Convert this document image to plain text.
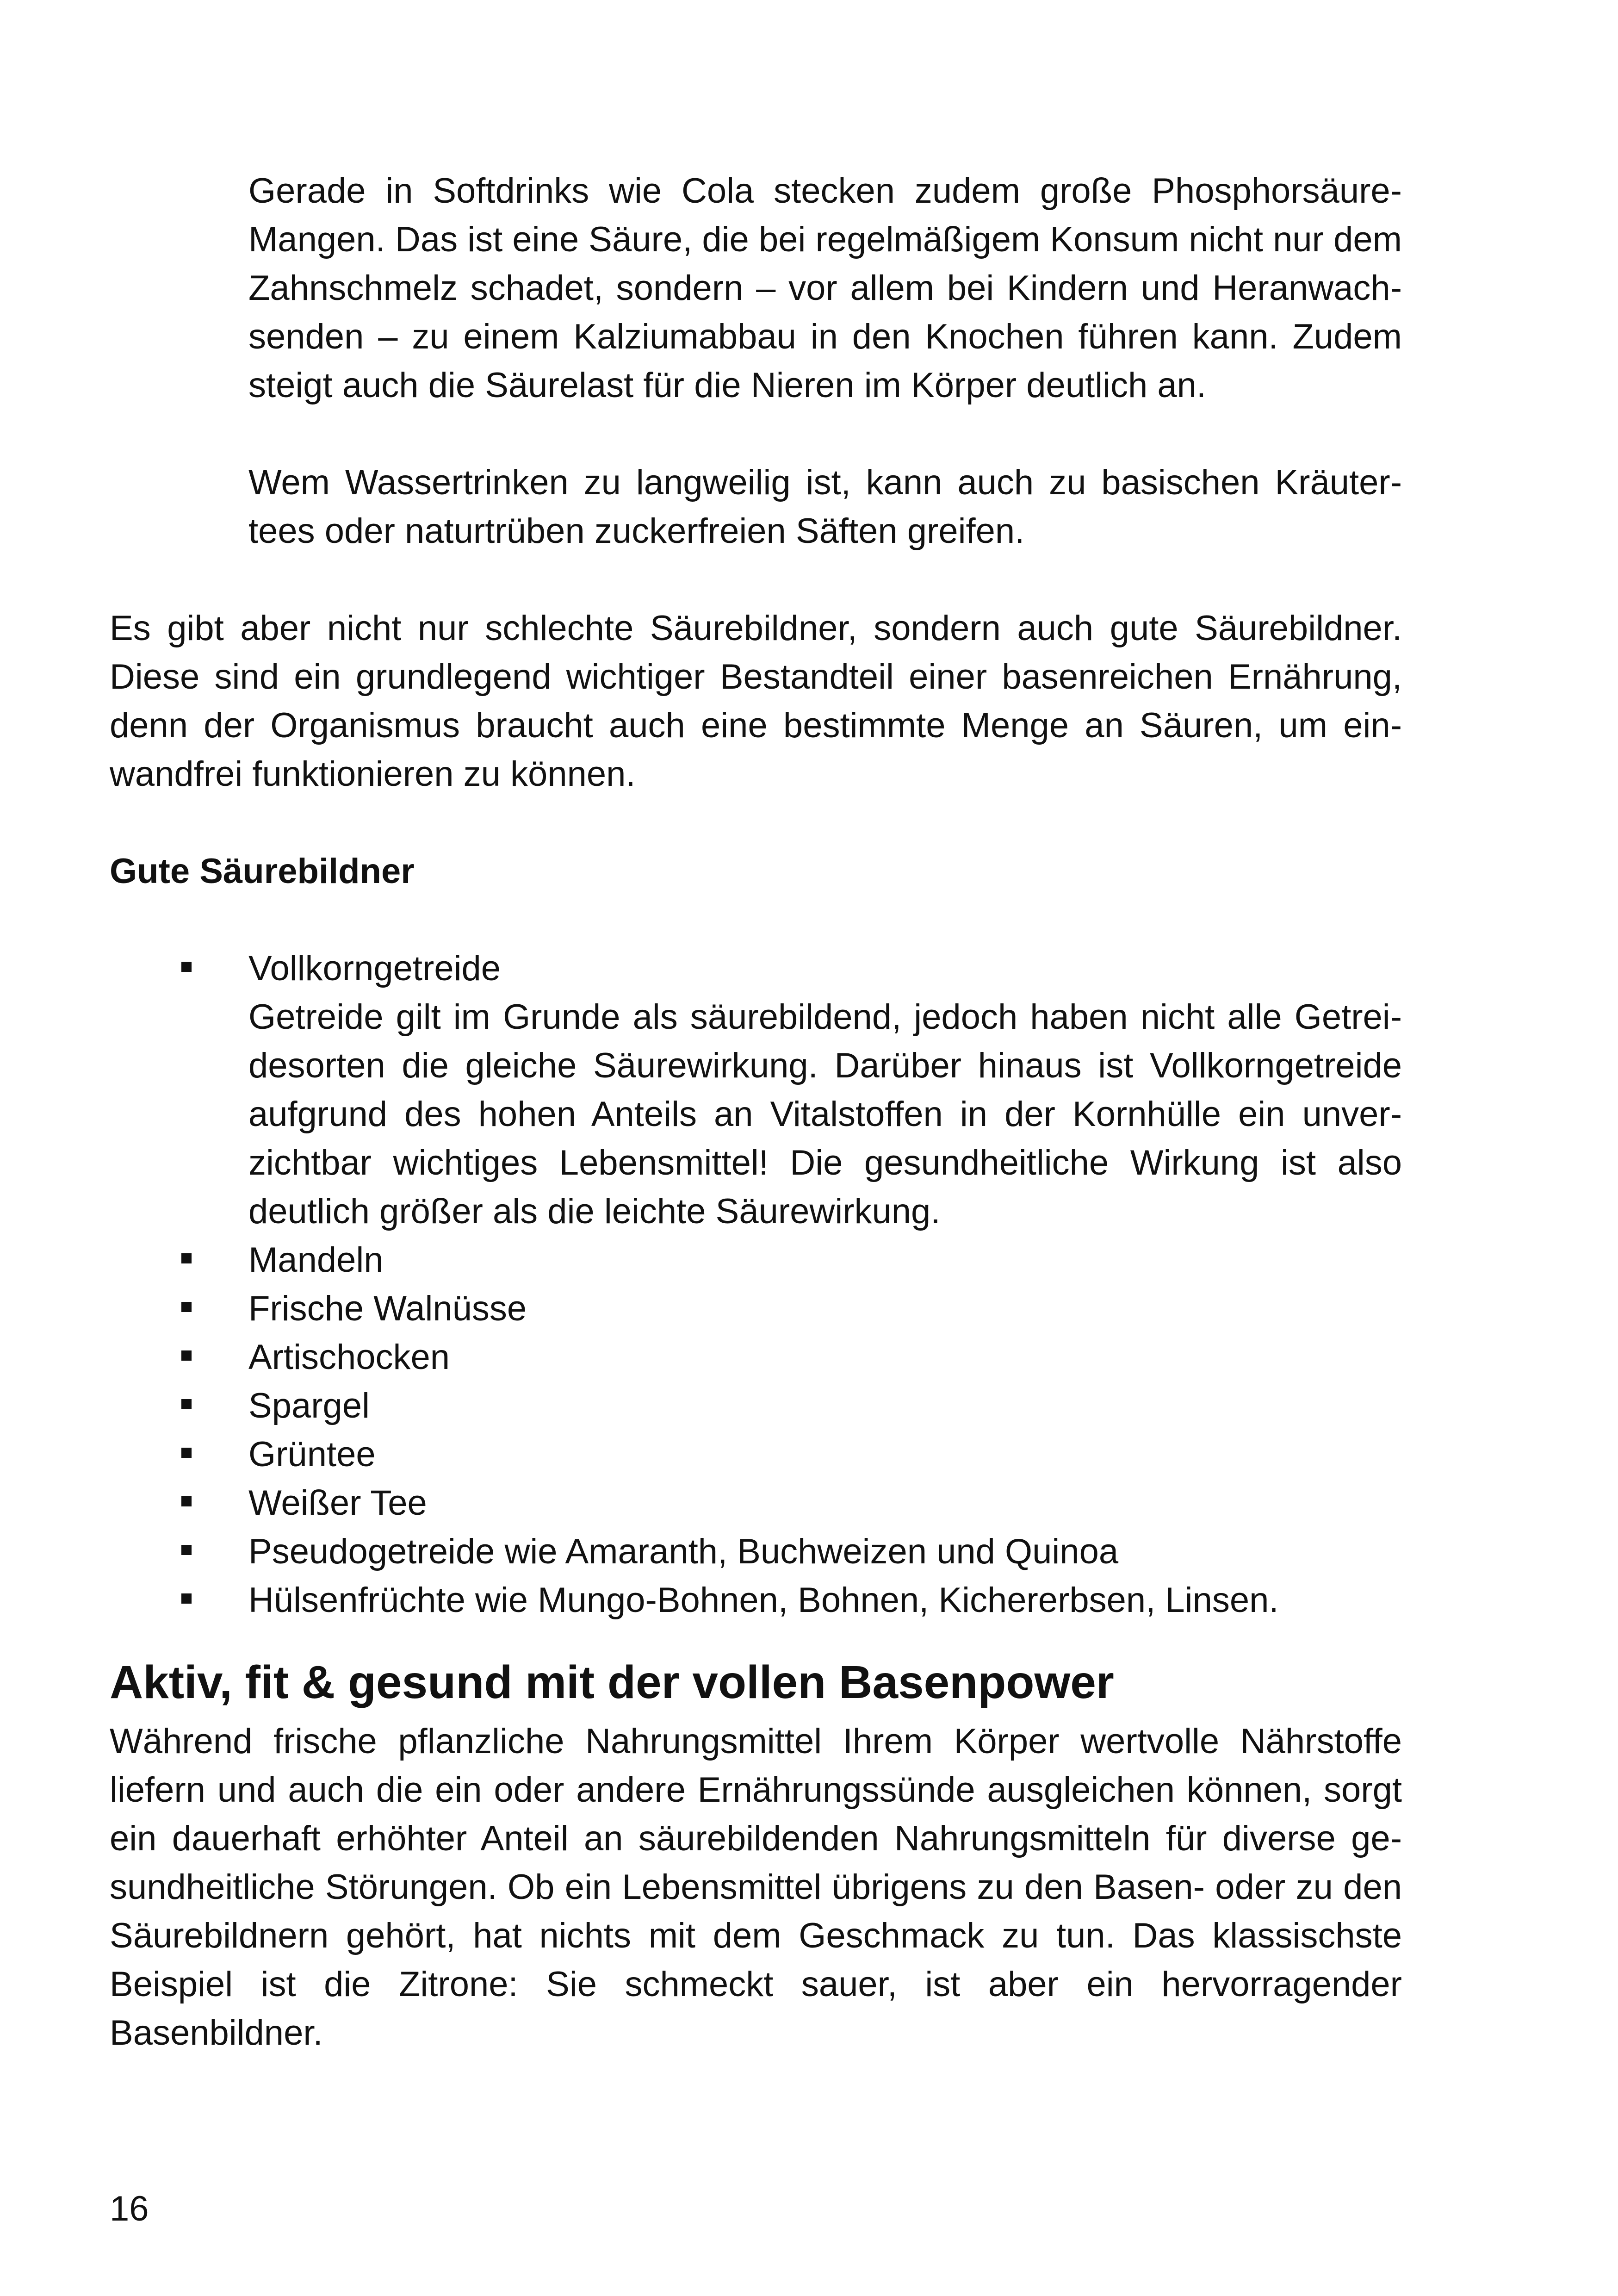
Gerade in Softdrinks wie Cola stecken zudem große Phosphorsäure-Mangen. Das ist eine Säure, die bei regelmäßigem Konsum nicht nur dem Zahnschmelz schadet, sondern – vor allem bei Kindern und Heranwachsenden – zu einem Kalziumabbau in den Knochen führen kann. Zudem steigt auch die Säurelast für die Nieren im Körper deutlich an.

Wem Wassertrinken zu langweilig ist, kann auch zu basischen Kräutertees oder naturtrüben zuckerfreien Säften greifen.

Es gibt aber nicht nur schlechte Säurebildner, sondern auch gute Säurebildner. Diese sind ein grundlegend wichtiger Bestandteil einer basenreichen Ernährung, denn der Organismus braucht auch eine bestimmte Menge an Säuren, um einwandfrei funktionieren zu können.

Gute Säurebildner
Vollkorngetreide
Getreide gilt im Grunde als säurebildend, jedoch haben nicht alle Getreidesorten die gleiche Säurewirkung. Darüber hinaus ist Vollkorngetreide aufgrund des hohen Anteils an Vitalstoffen in der Kornhülle ein unverzichtbar wichtiges Lebensmittel! Die gesundheitliche Wirkung ist also deutlich größer als die leichte Säurewirkung.
Mandeln
Frische Walnüsse
Artischocken
Spargel
Grüntee
Weißer Tee
Pseudogetreide wie Amaranth, Buchweizen und Quinoa
Hülsenfrüchte wie Mungo-Bohnen, Bohnen, Kichererbsen, Linsen.
Aktiv, fit & gesund mit der vollen Basenpower

Während frische pflanzliche Nahrungsmittel Ihrem Körper wertvolle Nährstoffe liefern und auch die ein oder andere Ernährungssünde ausgleichen können, sorgt ein dauerhaft erhöhter Anteil an säurebildenden Nahrungsmitteln für diverse gesundheitliche Störungen. Ob ein Lebensmittel übrigens zu den Basen- oder zu den Säurebildnern gehört, hat nichts mit dem Geschmack zu tun. Das klassischste Beispiel ist die Zitrone: Sie schmeckt sauer, ist aber ein hervorragender Basenbildner.

16
